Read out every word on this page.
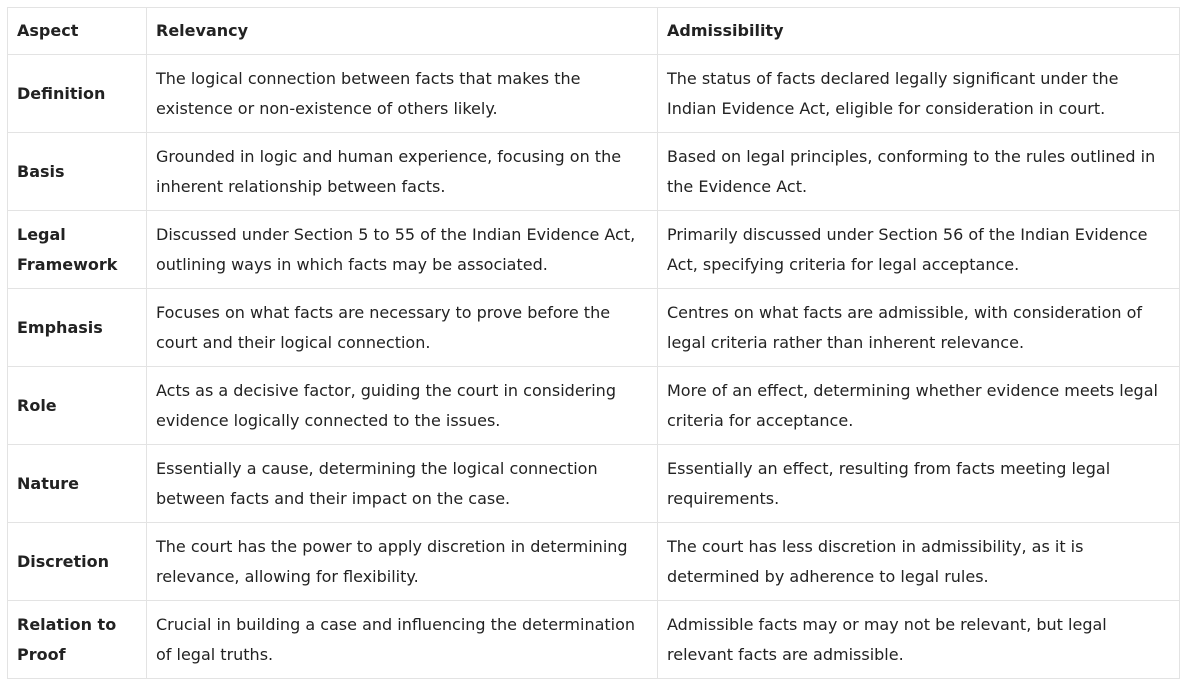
Aspect	Relevancy	Admissibility
Definition	The logical connection between facts that makes the existence or non-existence of others likely.	The status of facts declared legally significant under the Indian Evidence Act, eligible for consideration in court.
Basis	Grounded in logic and human experience, focusing on the inherent relationship between facts.	Based on legal principles, conforming to the rules outlined in the Evidence Act.
Legal Framework	Discussed under Section 5 to 55 of the Indian Evidence Act, outlining ways in which facts may be associated.	Primarily discussed under Section 56 of the Indian Evidence Act, specifying criteria for legal acceptance.
Emphasis	Focuses on what facts are necessary to prove before the court and their logical connection.	Centres on what facts are admissible, with consideration of legal criteria rather than inherent relevance.
Role	Acts as a decisive factor, guiding the court in considering evidence logically connected to the issues.	More of an effect, determining whether evidence meets legal criteria for acceptance.
Nature	Essentially a cause, determining the logical connection between facts and their impact on the case.	Essentially an effect, resulting from facts meeting legal requirements.
Discretion	The court has the power to apply discretion in determining relevance, allowing for flexibility.	The court has less discretion in admissibility, as it is determined by adherence to legal rules.
Relation to Proof	Crucial in building a case and influencing the determination of legal truths.	Admissible facts may or may not be relevant, but legal relevant facts are admissible.
